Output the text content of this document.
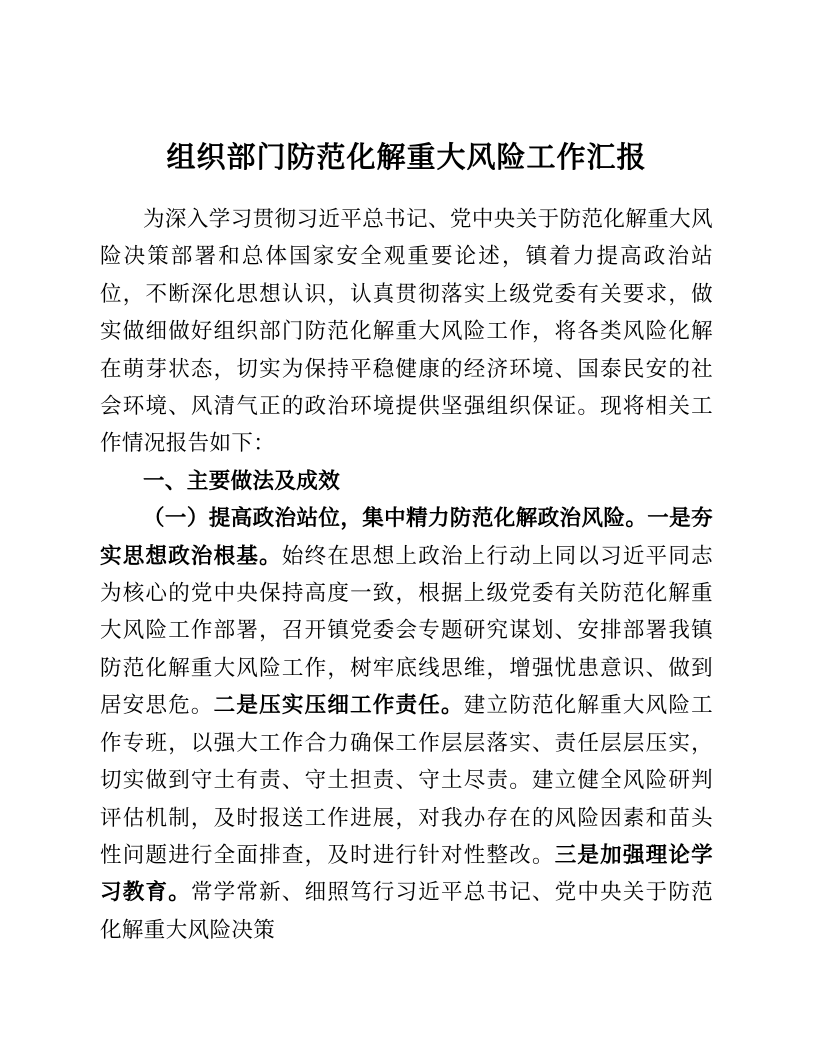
组织部门防范化解重大风险工作汇报

为深入学习贯彻习近平总书记、党中央关于防范化解重大风险决策部署和总体国家安全观重要论述，镇着力提高政治站位，不断深化思想认识，认真贯彻落实上级党委有关要求，做实做细做好组织部门防范化解重大风险工作，将各类风险化解在萌芽状态，切实为保持平稳健康的经济环境、国泰民安的社会环境、风清气正的政治环境提供坚强组织保证。现将相关工作情况报告如下：

一、主要做法及成效

（一）提高政治站位，集中精力防范化解政治风险。一是夯实思想政治根基。始终在思想上政治上行动上同以习近平同志为核心的党中央保持高度一致，根据上级党委有关防范化解重大风险工作部署，召开镇党委会专题研究谋划、安排部署我镇防范化解重大风险工作，树牢底线思维，增强忧患意识、做到居安思危。二是压实压细工作责任。建立防范化解重大风险工作专班，以强大工作合力确保工作层层落实、责任层层压实，切实做到守土有责、守土担责、守土尽责。建立健全风险研判评估机制，及时报送工作进展，对我办存在的风险因素和苗头性问题进行全面排查，及时进行针对性整改。三是加强理论学习教育。常学常新、细照笃行习近平总书记、党中央关于防范化解重大风险决策
